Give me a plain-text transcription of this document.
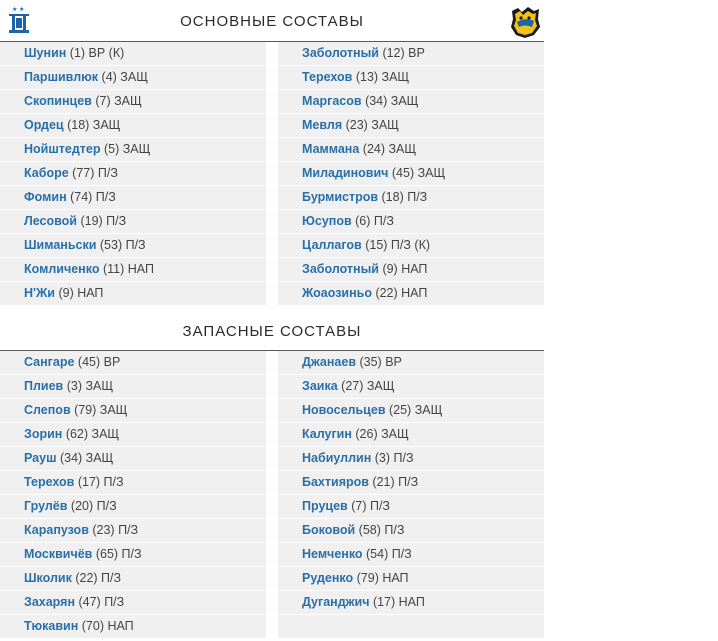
★ ★
ОСНОВНЫЕ СОСТАВЫ
Шунин (1) ВР (К)
Паршивлюк (4) ЗАЩ
Скопинцев (7) ЗАЩ
Ордец (18) ЗАЩ
Нойштедтер (5) ЗАЩ
Каборе (77) П/З
Фомин (74) П/З
Лесовой (19) П/З
Шиманьски (53) П/З
Комличенко (11) НАП
Н'Жи (9) НАП
Заболотный (12) ВР
Терехов (13) ЗАЩ
Маргасов (34) ЗАЩ
Мевля (23) ЗАЩ
Маммана (24) ЗАЩ
Миладинович (45) ЗАЩ
Бурмистров (18) П/З
Юсупов (6) П/З
Цаллагов (15) П/З (К)
Заболотный (9) НАП
Жоаозиньо (22) НАП
ЗАПАСНЫЕ СОСТАВЫ
Сангаре (45) ВР
Плиев (3) ЗАЩ
Слепов (79) ЗАЩ
Зорин (62) ЗАЩ
Рауш (34) ЗАЩ
Терехов (17) П/З
Грулёв (20) П/З
Карапузов (23) П/З
Москвичёв (65) П/З
Школик (22) П/З
Захарян (47) П/З
Тюкавин (70) НАП
Джанаев (35) ВР
Заика (27) ЗАЩ
Новосельцев (25) ЗАЩ
Калугин (26) ЗАЩ
Набиуллин (3) П/З
Бахтияров (21) П/З
Пруцев (7) П/З
Боковой (58) П/З
Немченко (54) П/З
Руденко (79) НАП
Дуганджич (17) НАП
